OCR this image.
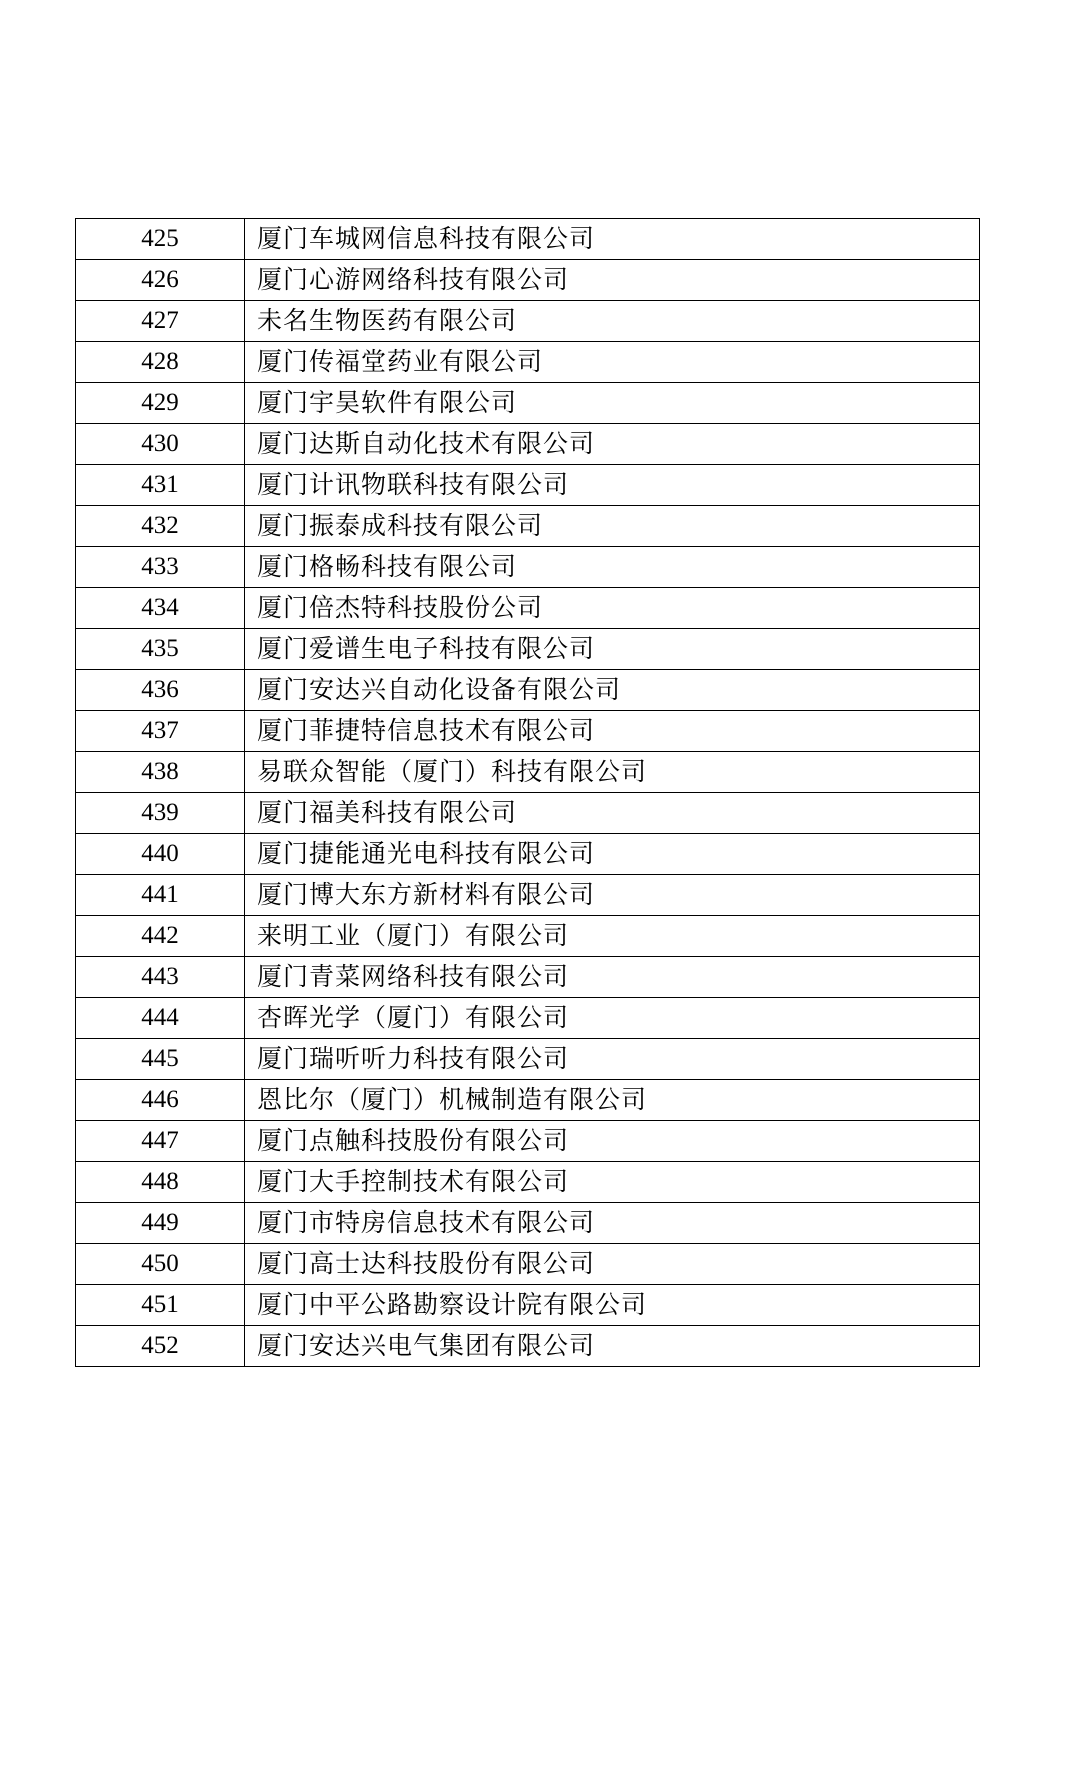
425	厦门车城网信息科技有限公司
426	厦门心游网络科技有限公司
427	未名生物医药有限公司
428	厦门传福堂药业有限公司
429	厦门宇昊软件有限公司
430	厦门达斯自动化技术有限公司
431	厦门计讯物联科技有限公司
432	厦门振泰成科技有限公司
433	厦门格畅科技有限公司
434	厦门倍杰特科技股份公司
435	厦门爱谱生电子科技有限公司
436	厦门安达兴自动化设备有限公司
437	厦门菲捷特信息技术有限公司
438	易联众智能（厦门）科技有限公司
439	厦门福美科技有限公司
440	厦门捷能通光电科技有限公司
441	厦门博大东方新材料有限公司
442	来明工业（厦门）有限公司
443	厦门青菜网络科技有限公司
444	杏晖光学（厦门）有限公司
445	厦门瑞听听力科技有限公司
446	恩比尔（厦门）机械制造有限公司
447	厦门点触科技股份有限公司
448	厦门大手控制技术有限公司
449	厦门市特房信息技术有限公司
450	厦门高士达科技股份有限公司
451	厦门中平公路勘察设计院有限公司
452	厦门安达兴电气集团有限公司
